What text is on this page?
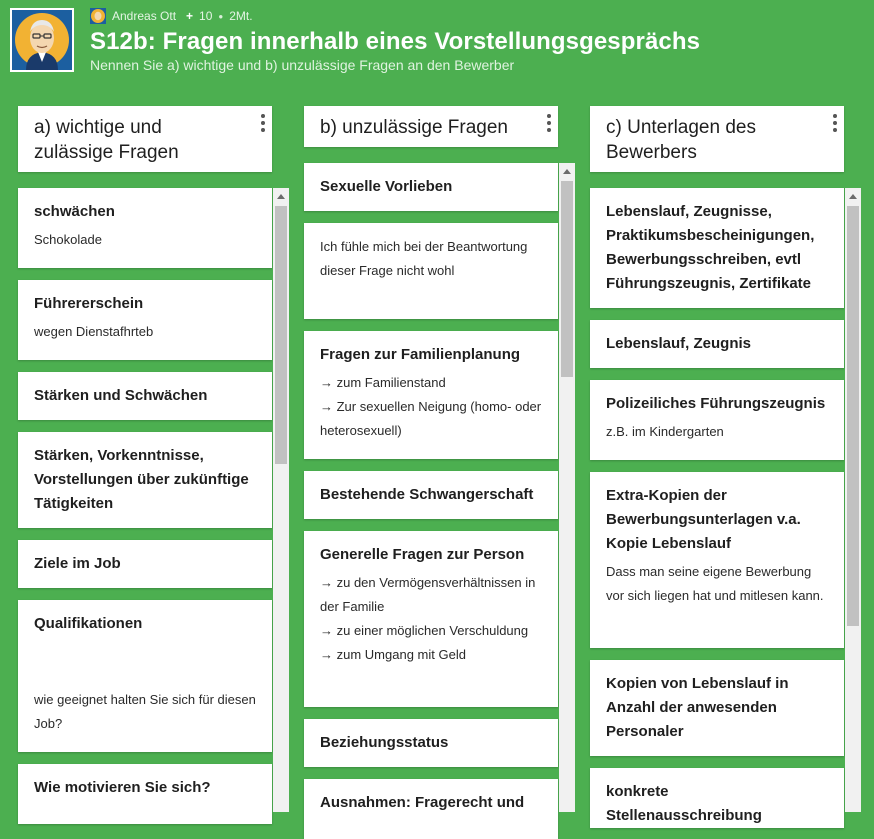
Andreas Ott + 10 ● 2Mt.
S12b: Fragen innerhalb eines Vorstellungsgesprächs
Nennen Sie a) wichtige und b) unzulässige Fragen an den Bewerber
a) wichtige und zulässige Fragen
schwächen
Schokolade
Führererschein
wegen Dienstafhrteb
Stärken und Schwächen
Stärken, Vorkenntnisse, Vorstellungen über zukünftige Tätigkeiten
Ziele im Job
Qualifikationen
wie geeignet halten Sie sich für diesen Job?
Wie motivieren Sie sich?
b) unzulässige Fragen
Sexuelle Vorlieben
Ich fühle mich bei der Beantwortung dieser Frage nicht wohl
Fragen zur Familienplanung
→ zum Familienstand
→ Zur sexuellen Neigung (homo- oder heterosexuell)
Bestehende Schwangerschaft
Generelle Fragen zur Person
→ zu den Vermögensverhältnissen in der Familie
→ zu einer möglichen Verschuldung
→ zum Umgang mit Geld
Beziehungsstatus
Ausnahmen: Fragerecht und
c) Unterlagen des Bewerbers
Lebenslauf, Zeugnisse, Praktikumsbescheinigungen, Bewerbungsschreiben, evtl Führungszeugnis, Zertifikate
Lebenslauf, Zeugnis
Polizeiliches Führungszeugnis
z.B. im Kindergarten
Extra-Kopien der Bewerbungsunterlagen v.a. Kopie Lebenslauf
Dass man seine eigene Bewerbung vor sich liegen hat und mitlesen kann.
Kopien von Lebenslauf in Anzahl der anwesenden Personaler
konkrete Stellenausschreibung
